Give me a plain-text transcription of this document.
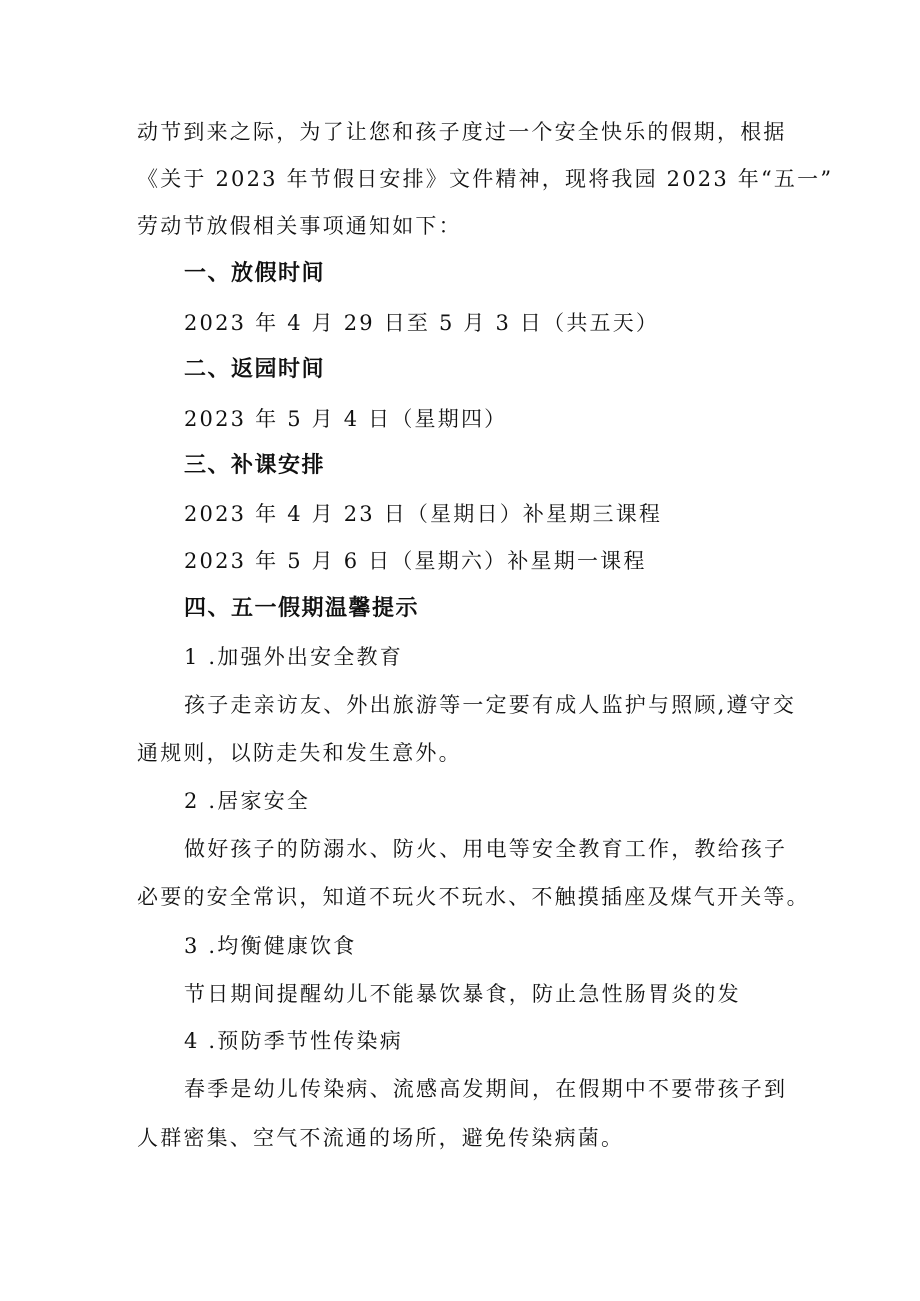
动节到来之际，为了让您和孩子度过一个安全快乐的假期，根据
《关于 2023 年节假日安排》文件精神，现将我园 2023 年“五一”
劳动节放假相关事项通知如下：
一、放假时间
2023 年 4 月 29 日至 5 月 3 日（共五天）
二、返园时间
2023 年 5 月 4 日（星期四）
三、补课安排
2023 年 4 月 23 日（星期日）补星期三课程
2023 年 5 月 6 日（星期六）补星期一课程
四、五一假期温馨提示
1 .加强外出安全教育
孩子走亲访友、外出旅游等一定要有成人监护与照顾,遵守交
通规则，以防走失和发生意外。
2 .居家安全
做好孩子的防溺水、防火、用电等安全教育工作，教给孩子
必要的安全常识，知道不玩火不玩水、不触摸插座及煤气开关等。
3 .均衡健康饮食
节日期间提醒幼儿不能暴饮暴食，防止急性肠胃炎的发
4 .预防季节性传染病
春季是幼儿传染病、流感高发期间，在假期中不要带孩子到
人群密集、空气不流通的场所，避免传染病菌。
